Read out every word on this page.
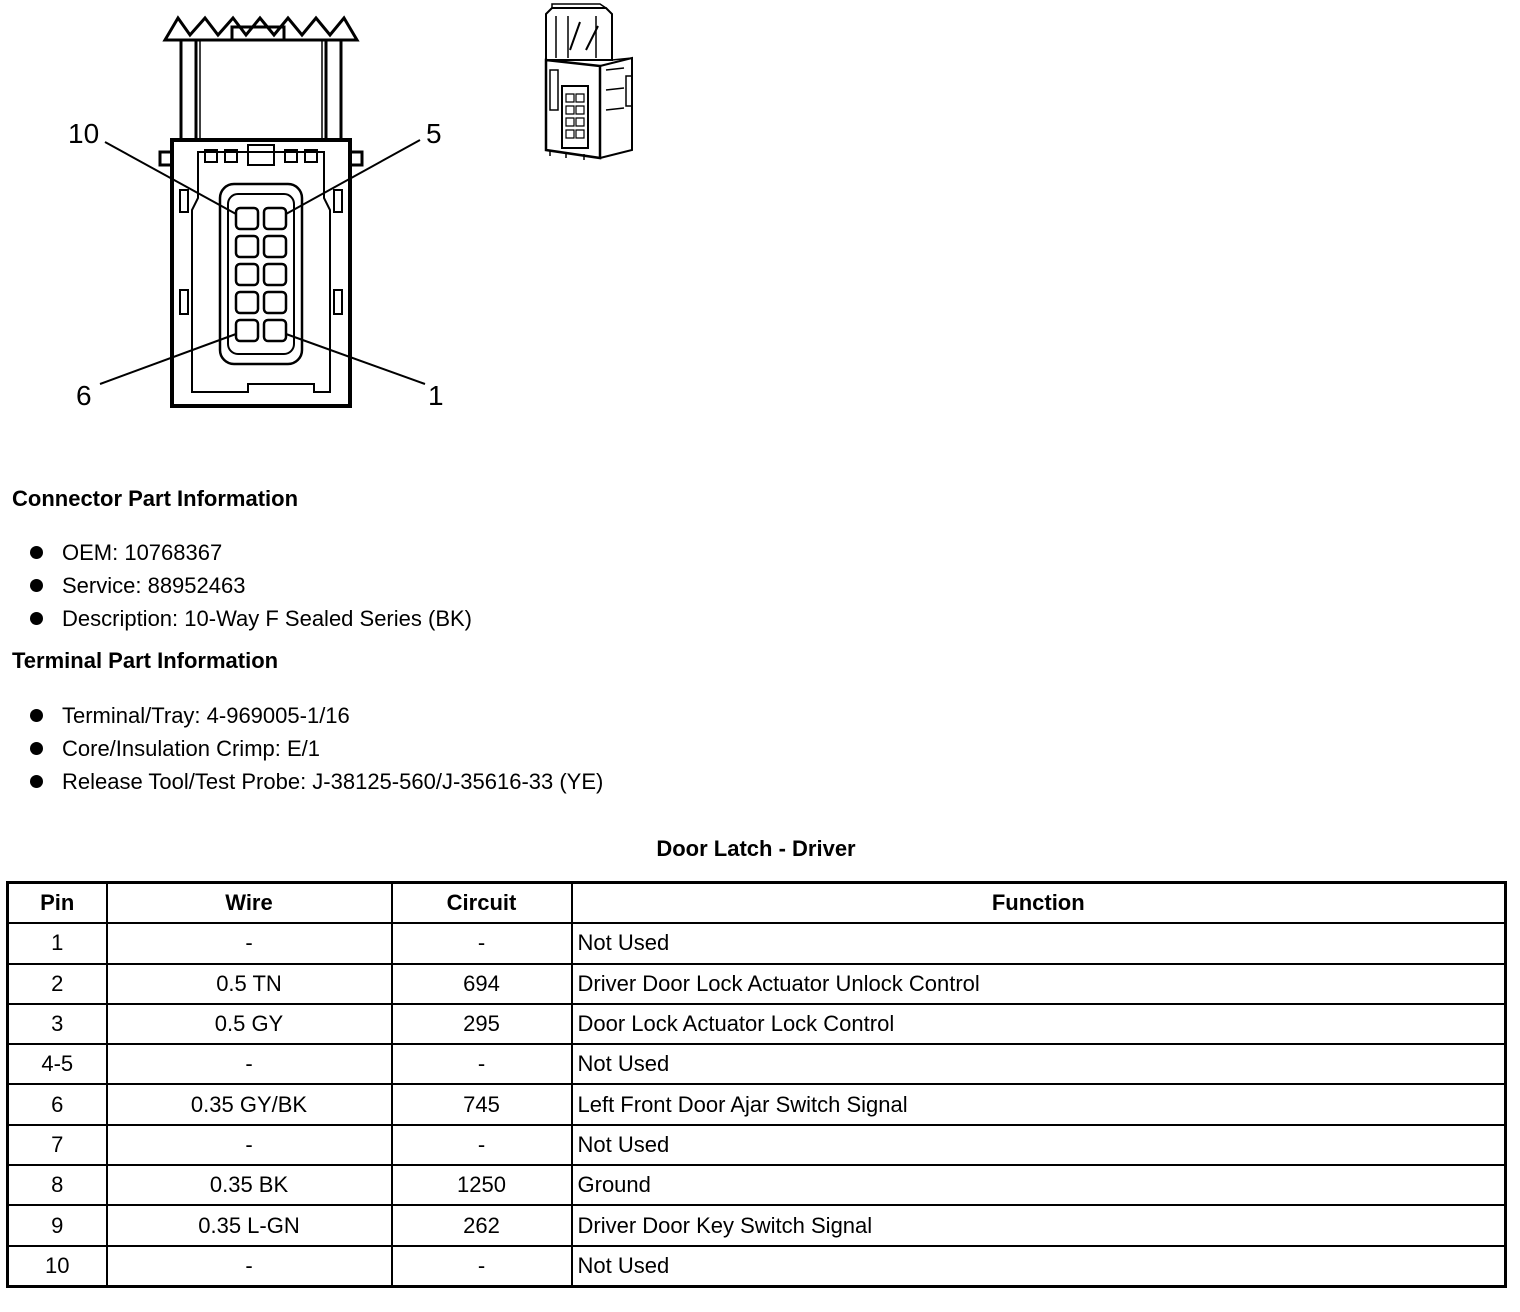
10	5
6	1
Connector Part Information
OEM: 10768367
Service: 88952463
Description: 10-Way F Sealed Series (BK)
Terminal Part Information
Terminal/Tray: 4-969005-1/16
Core/Insulation Crimp: E/1
Release Tool/Test Probe: J-38125-560/J-35616-33 (YE)
Door Latch - Driver
Pin	Wire	Circuit	Function
1	-	-	Not Used
2	0.5 TN	694	Driver Door Lock Actuator Unlock Control
3	0.5 GY	295	Door Lock Actuator Lock Control
4-5	-	-	Not Used
6	0.35 GY/BK	745	Left Front Door Ajar Switch Signal
7	-	-	Not Used
8	0.35 BK	1250	Ground
9	0.35 L-GN	262	Driver Door Key Switch Signal
10	-	-	Not Used
